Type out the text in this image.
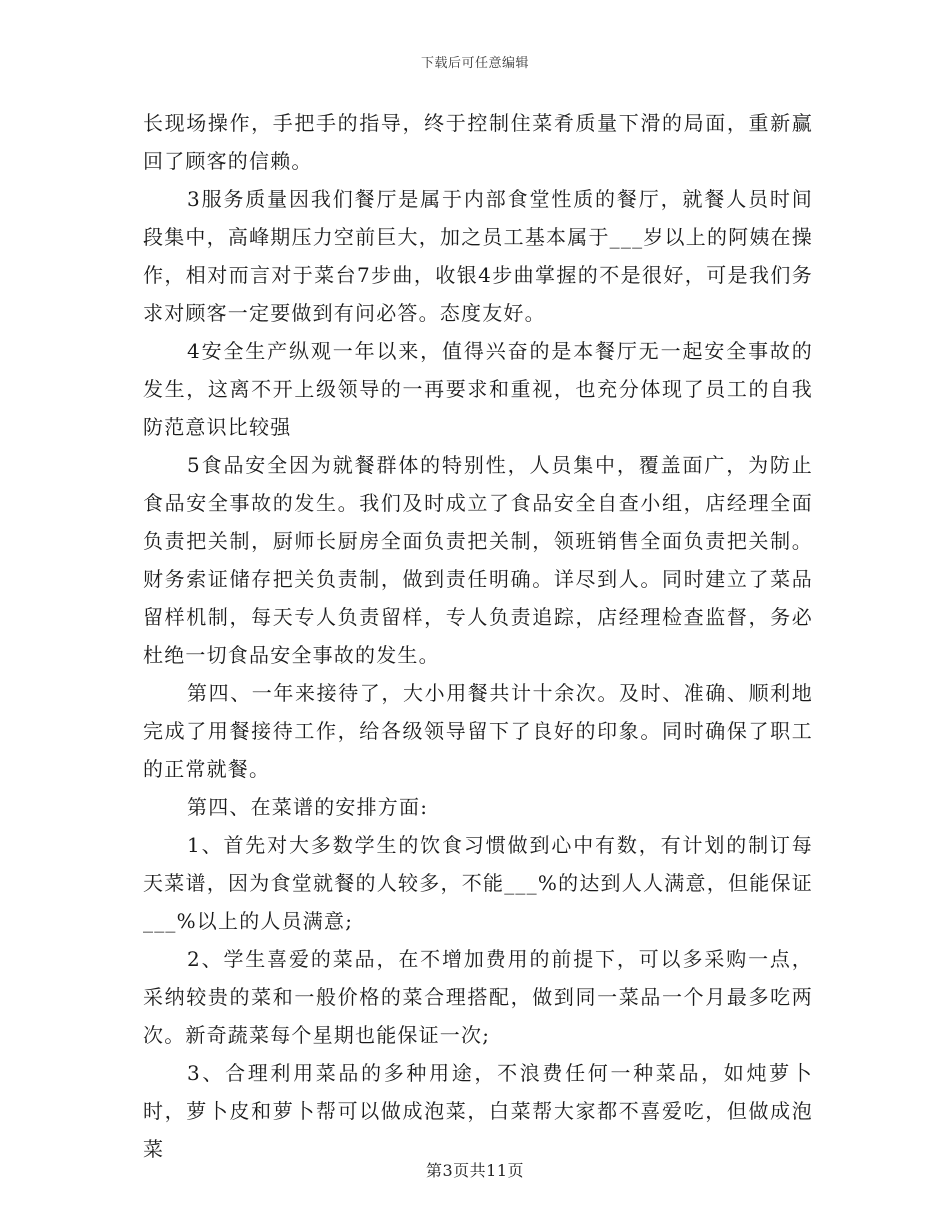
下载后可任意编辑

长现场操作，手把手的指导，终于控制住菜肴质量下滑的局面，重新赢回了顾客的信赖。

3服务质量因我们餐厅是属于内部食堂性质的餐厅，就餐人员时间段集中，高峰期压力空前巨大，加之员工基本属于___岁以上的阿姨在操作，相对而言对于菜台7步曲，收银4步曲掌握的不是很好，可是我们务求对顾客一定要做到有问必答。态度友好。

4安全生产纵观一年以来，值得兴奋的是本餐厅无一起安全事故的发生，这离不开上级领导的一再要求和重视，也充分体现了员工的自我防范意识比较强

5食品安全因为就餐群体的特别性，人员集中，覆盖面广，为防止食品安全事故的发生。我们及时成立了食品安全自查小组，店经理全面负责把关制，厨师长厨房全面负责把关制，领班销售全面负责把关制。财务索证储存把关负责制，做到责任明确。详尽到人。同时建立了菜品留样机制，每天专人负责留样，专人负责追踪，店经理检查监督，务必杜绝一切食品安全事故的发生。

第四、一年来接待了，大小用餐共计十余次。及时、准确、顺利地完成了用餐接待工作，给各级领导留下了良好的印象。同时确保了职工的正常就餐。

第四、在菜谱的安排方面:

1、首先对大多数学生的饮食习惯做到心中有数，有计划的制订每天菜谱，因为食堂就餐的人较多，不能___%的达到人人满意，但能保证___%以上的人员满意;

2、学生喜爱的菜品，在不增加费用的前提下，可以多采购一点，采纳较贵的菜和一般价格的菜合理搭配，做到同一菜品一个月最多吃两次。新奇蔬菜每个星期也能保证一次;

3、合理利用菜品的多种用途，不浪费任何一种菜品，如炖萝卜时，萝卜皮和萝卜帮可以做成泡菜，白菜帮大家都不喜爱吃，但做成泡菜

第3页共11页
